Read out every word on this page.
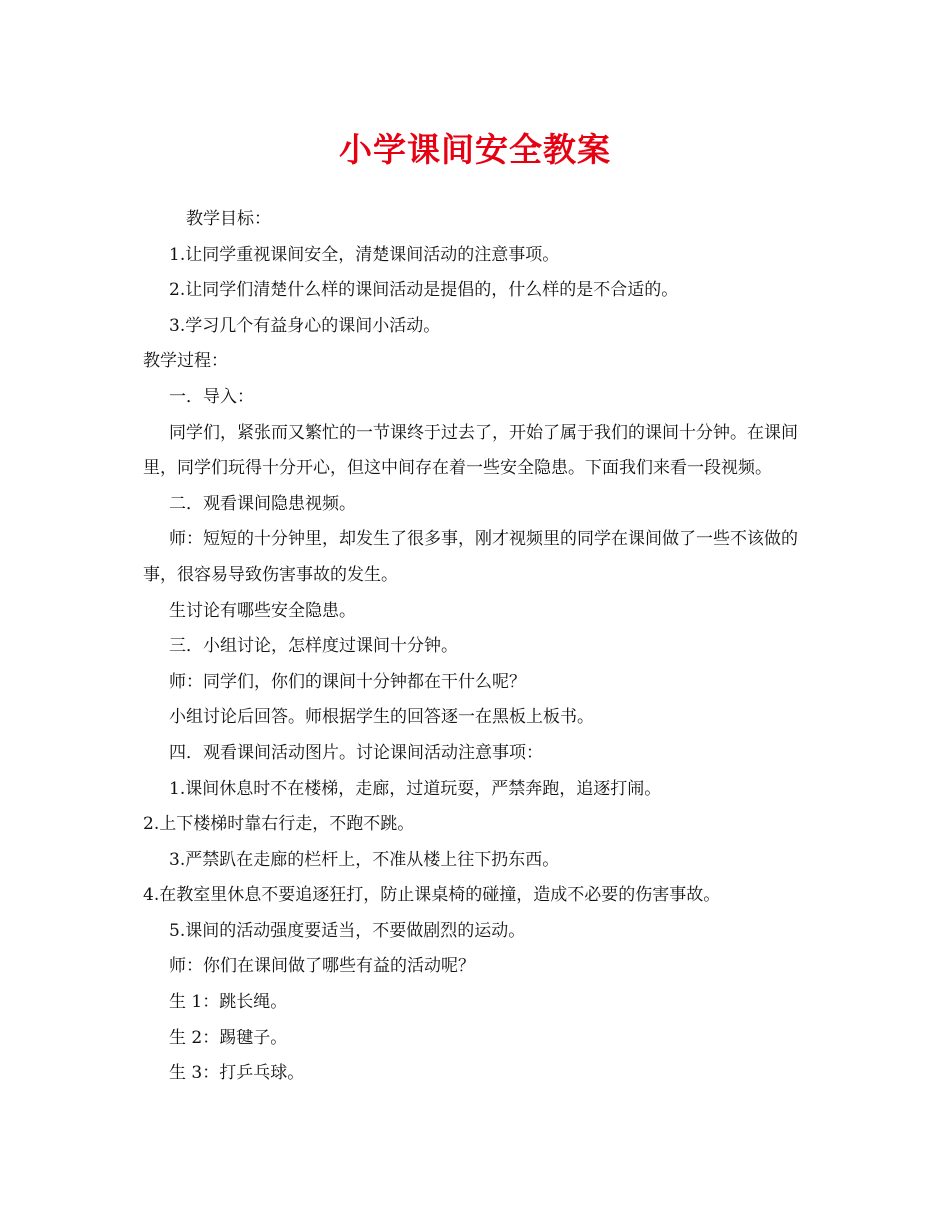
小学课间安全教案

教学目标：

1.让同学重视课间安全，清楚课间活动的注意事项。

2.让同学们清楚什么样的课间活动是提倡的，什么样的是不合适的。

3.学习几个有益身心的课间小活动。

教学过程：

一．导入：

同学们，紧张而又繁忙的一节课终于过去了，开始了属于我们的课间十分钟。在课间里，同学们玩得十分开心，但这中间存在着一些安全隐患。下面我们来看一段视频。

二．观看课间隐患视频。

师：短短的十分钟里，却发生了很多事，刚才视频里的同学在课间做了一些不该做的事，很容易导致伤害事故的发生。

生讨论有哪些安全隐患。

三．小组讨论，怎样度过课间十分钟。

师：同学们，你们的课间十分钟都在干什么呢？

小组讨论后回答。师根据学生的回答逐一在黑板上板书。

四．观看课间活动图片。讨论课间活动注意事项：

1.课间休息时不在楼梯，走廊，过道玩耍，严禁奔跑，追逐打闹。

2.上下楼梯时靠右行走，不跑不跳。

3.严禁趴在走廊的栏杆上，不准从楼上往下扔东西。

4.在教室里休息不要追逐狂打，防止课桌椅的碰撞，造成不必要的伤害事故。

5.课间的活动强度要适当，不要做剧烈的运动。

师：你们在课间做了哪些有益的活动呢？

生 1：跳长绳。

生 2：踢毽子。

生 3：打乒乓球。
